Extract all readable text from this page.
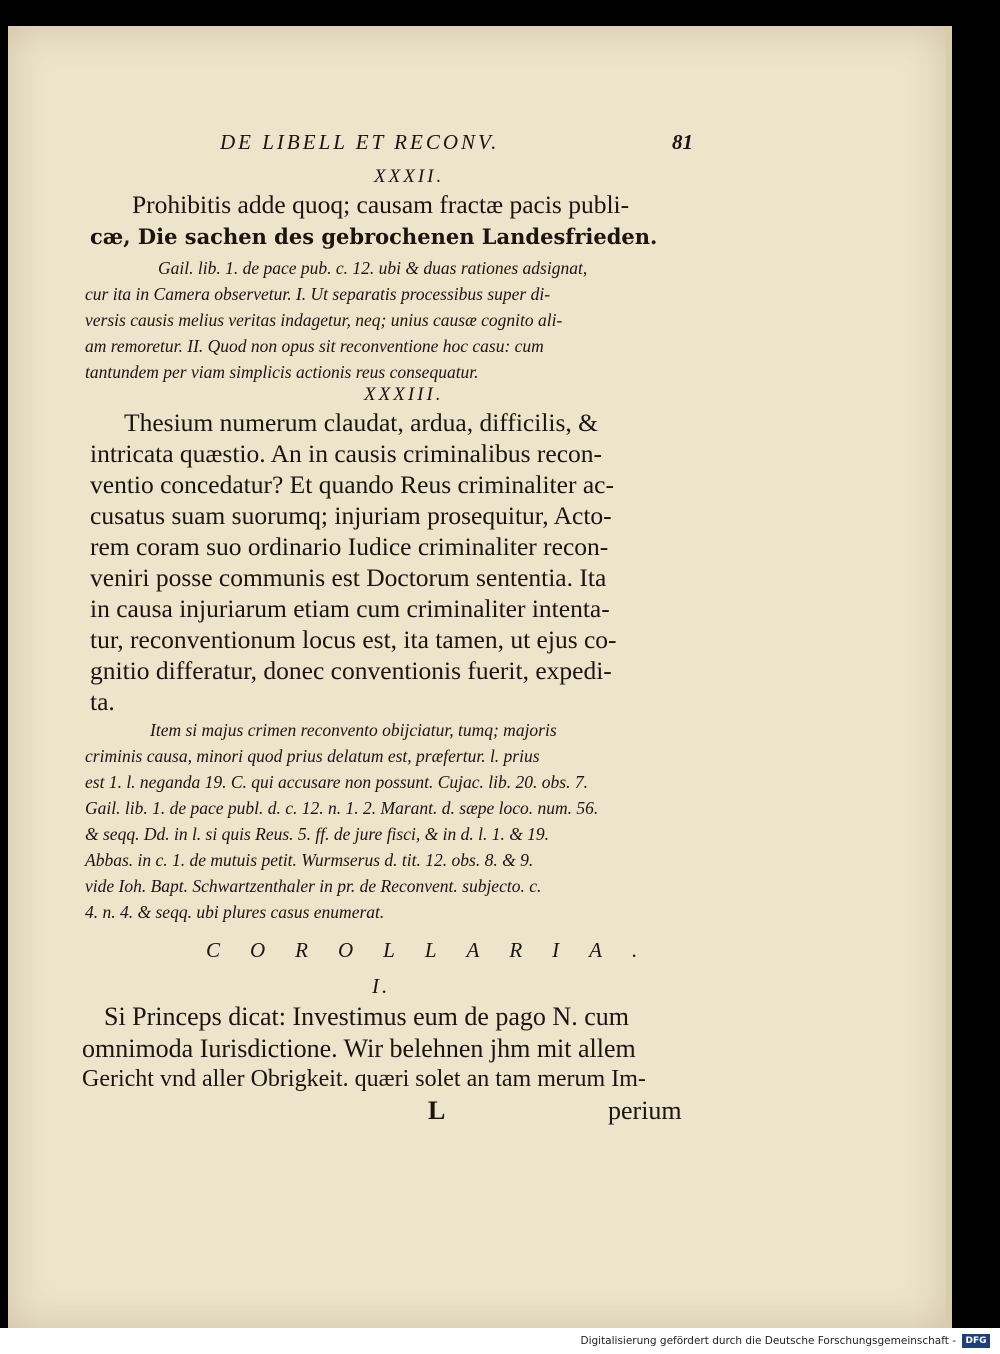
DE LIBELL ET RECONV.	81
XXXII.
Prohibitis adde quoq; causam fractæ pacis publi-
cæ, Die sachen des gebrochenen Landesfrieden.
Gail. lib. 1. de pace pub. c. 12. ubi & duas rationes adsignat,
cur ita in Camera observetur. I. Ut separatis processibus super di-
versis causis melius veritas indagetur, neq; unius causæ cognito ali-
am remoretur. II. Quod non opus sit reconventione hoc casu: cum
tantundem per viam simplicis actionis reus consequatur.
XXXIII.
Thesium numerum claudat, ardua, difficilis, &
intricata quæstio. An in causis criminalibus recon-
ventio concedatur? Et quando Reus criminaliter ac-
cusatus suam suorumq; injuriam prosequitur, Acto-
rem coram suo ordinario Iudice criminaliter recon-
veniri posse communis est Doctorum sententia. Ita
in causa injuriarum etiam cum criminaliter intenta-
tur, reconventionum locus est, ita tamen, ut ejus co-
gnitio differatur, donec conventionis fuerit, expedi-
ta.
Item si majus crimen reconvento obijciatur, tumq; majoris
criminis causa, minori quod prius delatum est, præfertur. l. prius
est 1. l. neganda 19. C. qui accusare non possunt. Cujac. lib. 20. obs. 7.
Gail. lib. 1. de pace publ. d. c. 12. n. 1. 2. Marant. d. sæpe loco. num. 56.
& seqq. Dd. in l. si quis Reus. 5. ff. de jure fisci, & in d. l. 1. & 19.
Abbas. in c. 1. de mutuis petit. Wurmserus d. tit. 12. obs. 8. & 9.
vide Ioh. Bapt. Schwartzenthaler in pr. de Reconvent. subjecto. c.
4. n. 4. & seqq. ubi plures casus enumerat.
COROLLARIA.
I.
Si Princeps dicat: Investimus eum de pago N. cum
omnimoda Iurisdictione. Wir belehnen jhm mit allem
Gericht vnd aller Obrigkeit. quæri solet an tam merum Im-
L	perium
Digitalisierung gefördert durch die Deutsche Forschungsgemeinschaft -	DFG
